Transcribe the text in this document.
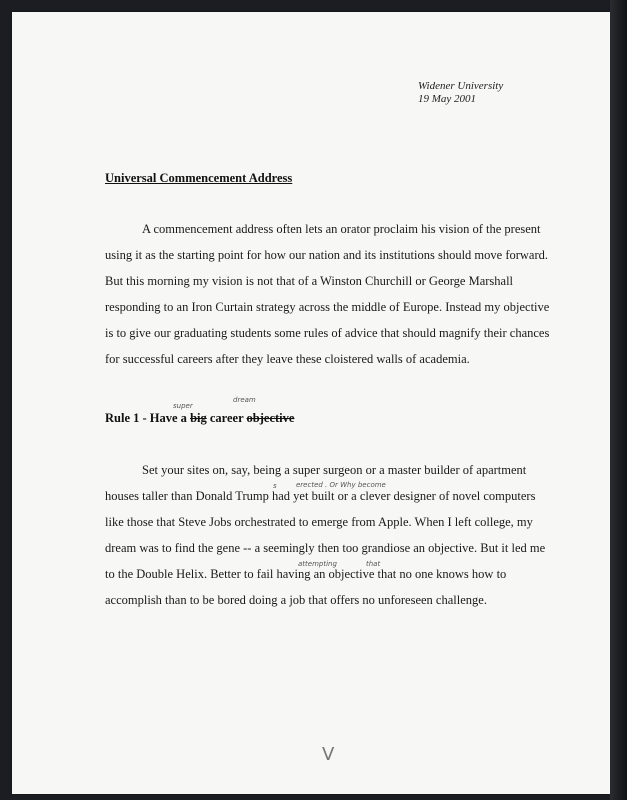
Widener University
19 May 2001
Universal Commencement Address
A commencement address often lets an orator proclaim his vision of the present
using it as the starting point for how our nation and its institutions should move forward.
But this morning my vision is not that of a Winston Churchill or George Marshall
responding to an Iron Curtain strategy across the middle of Europe. Instead my objective
is to give our graduating students some rules of advice that should magnify their chances
for successful careers after they leave these cloistered walls of academia.
Rule 1 - Have a big career objective
super
dream
Set your sites on, say, being a super surgeon or a master builder of apartment
houses taller than Donald Trump had yet built or a clever designer of novel computers
like those that Steve Jobs orchestrated to emerge from Apple. When I left college, my
dream was to find the gene -- a seemingly then too grandiose an objective. But it led me
to the Double Helix. Better to fail having an objective that no one knows how to
accomplish than to be bored doing a job that offers no unforeseen challenge.
s	erected . Or Why become
attempting	that
V
